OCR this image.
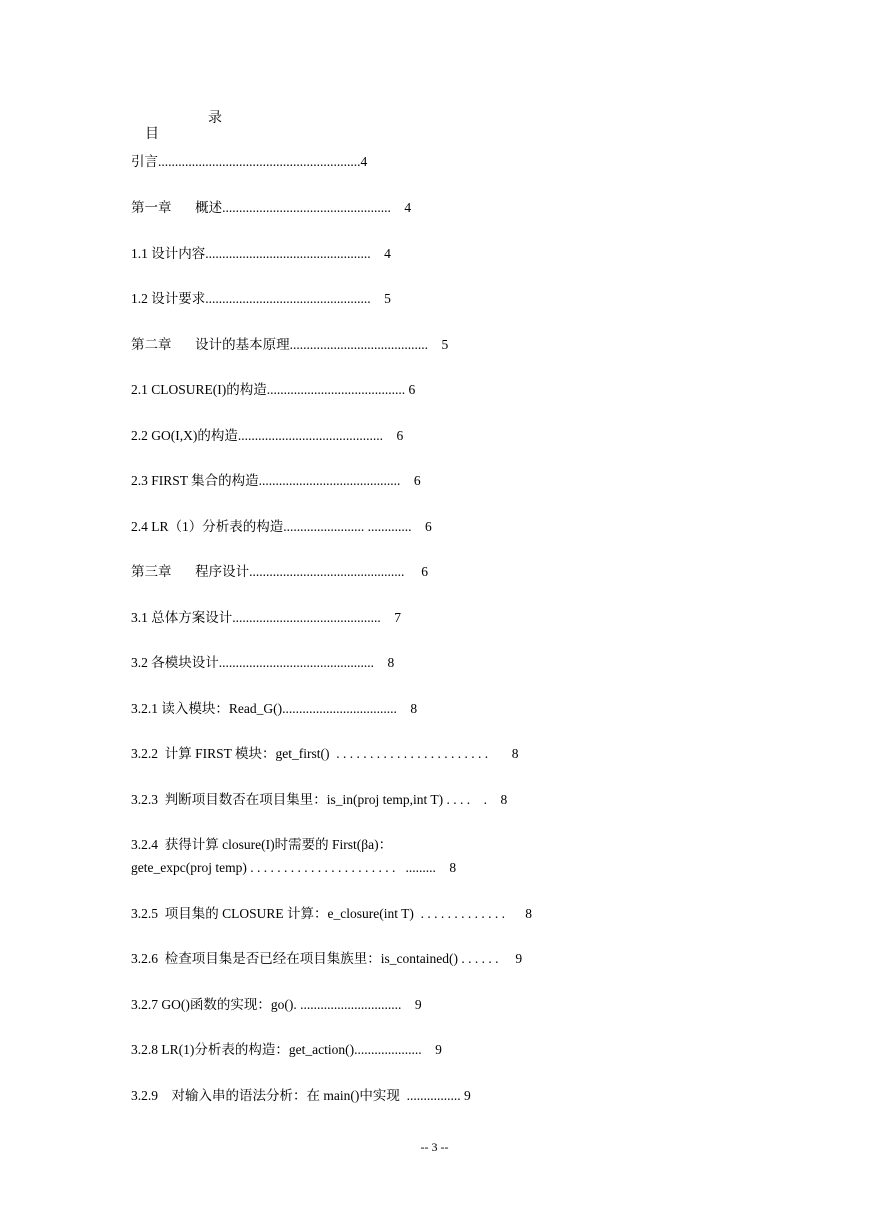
目

录

引言............................................................4
第一章       概述..................................................    4
1.1 设计内容.................................................    4
1.2 设计要求.................................................    5
第二章       设计的基本原理.........................................    5
2.1 CLOSURE(I)的构造......................................... 6
2.2 GO(I,X)的构造...........................................    6
2.3 FIRST 集合的构造..........................................    6
2.4 LR（1）分析表的构造........................ .............    6
第三章       程序设计..............................................     6
3.1 总体方案设计............................................    7
3.2 各模块设计..............................................    8
3.2.1 读入模块：Read_G()..................................    8
3.2.2  计算 FIRST 模块：get_first()  . . . . . . . . . . . . . . . . . . . . . . .       8
3.2.3  判断项目数否在项目集里：is_in(proj temp,int T) . . . .    .    8
3.2.4  获得计算 closure(I)时需要的 First(βa)：
gete_expc(proj temp) . . . . . . . . . . . . . . . . . . . . . .   .........    8
3.2.5  项目集的 CLOSURE 计算：e_closure(int T)  . . . . . . . . . . . . .      8
3.2.6  检查项目集是否已经在项目集族里：is_contained() . . . . . .     9
3.2.7 GO()函数的实现：go(). ..............................    9
3.2.8 LR(1)分析表的构造：get_action()....................    9
3.2.9    对输入串的语法分析：在 main()中实现  ................ 9
-- 3 --
